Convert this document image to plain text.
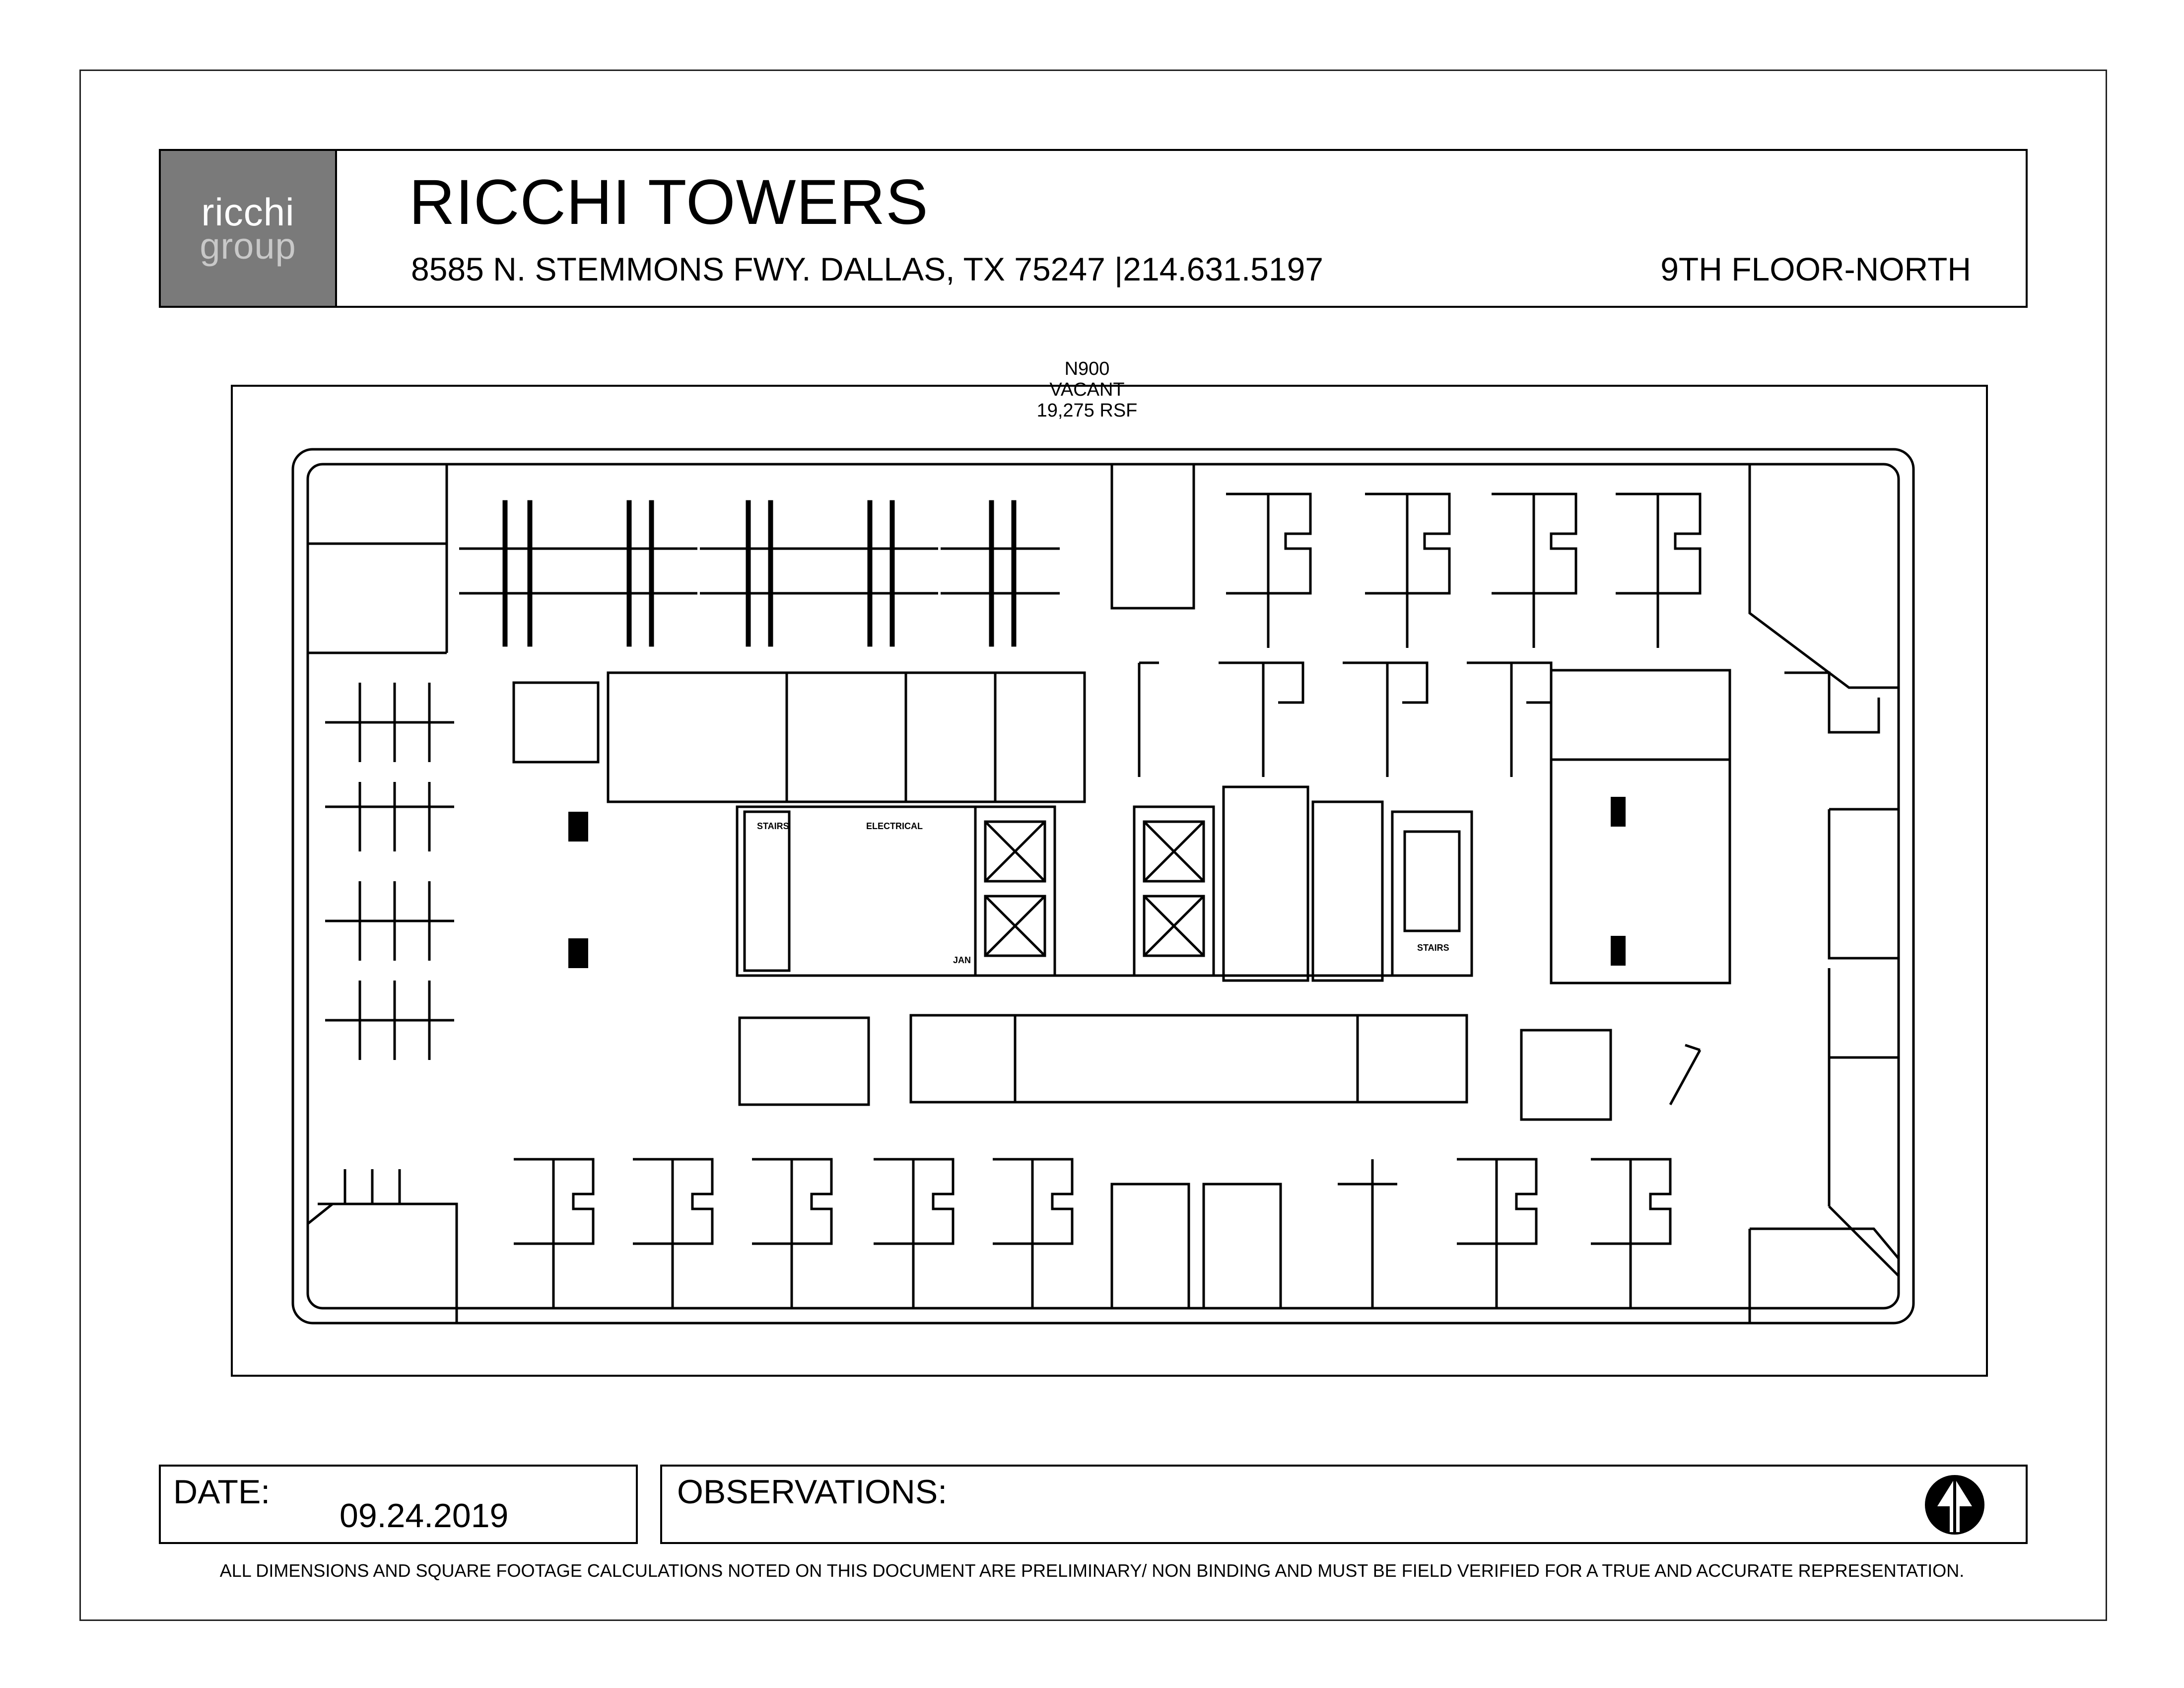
ricchi
group
RICCHI TOWERS
8585 N. STEMMONS FWY. DALLAS, TX 75247 |214.631.5197	9TH FLOOR-NORTH
N900
VACANT
19,275 RSF
STAIRS	ELECTRICAL
JAN
STAIRS
DATE:
09.24.2019
OBSERVATIONS:
ALL DIMENSIONS AND SQUARE FOOTAGE CALCULATIONS NOTED ON THIS DOCUMENT ARE PRELIMINARY/ NON BINDING AND MUST BE FIELD VERIFIED FOR A TRUE AND ACCURATE REPRESENTATION.
